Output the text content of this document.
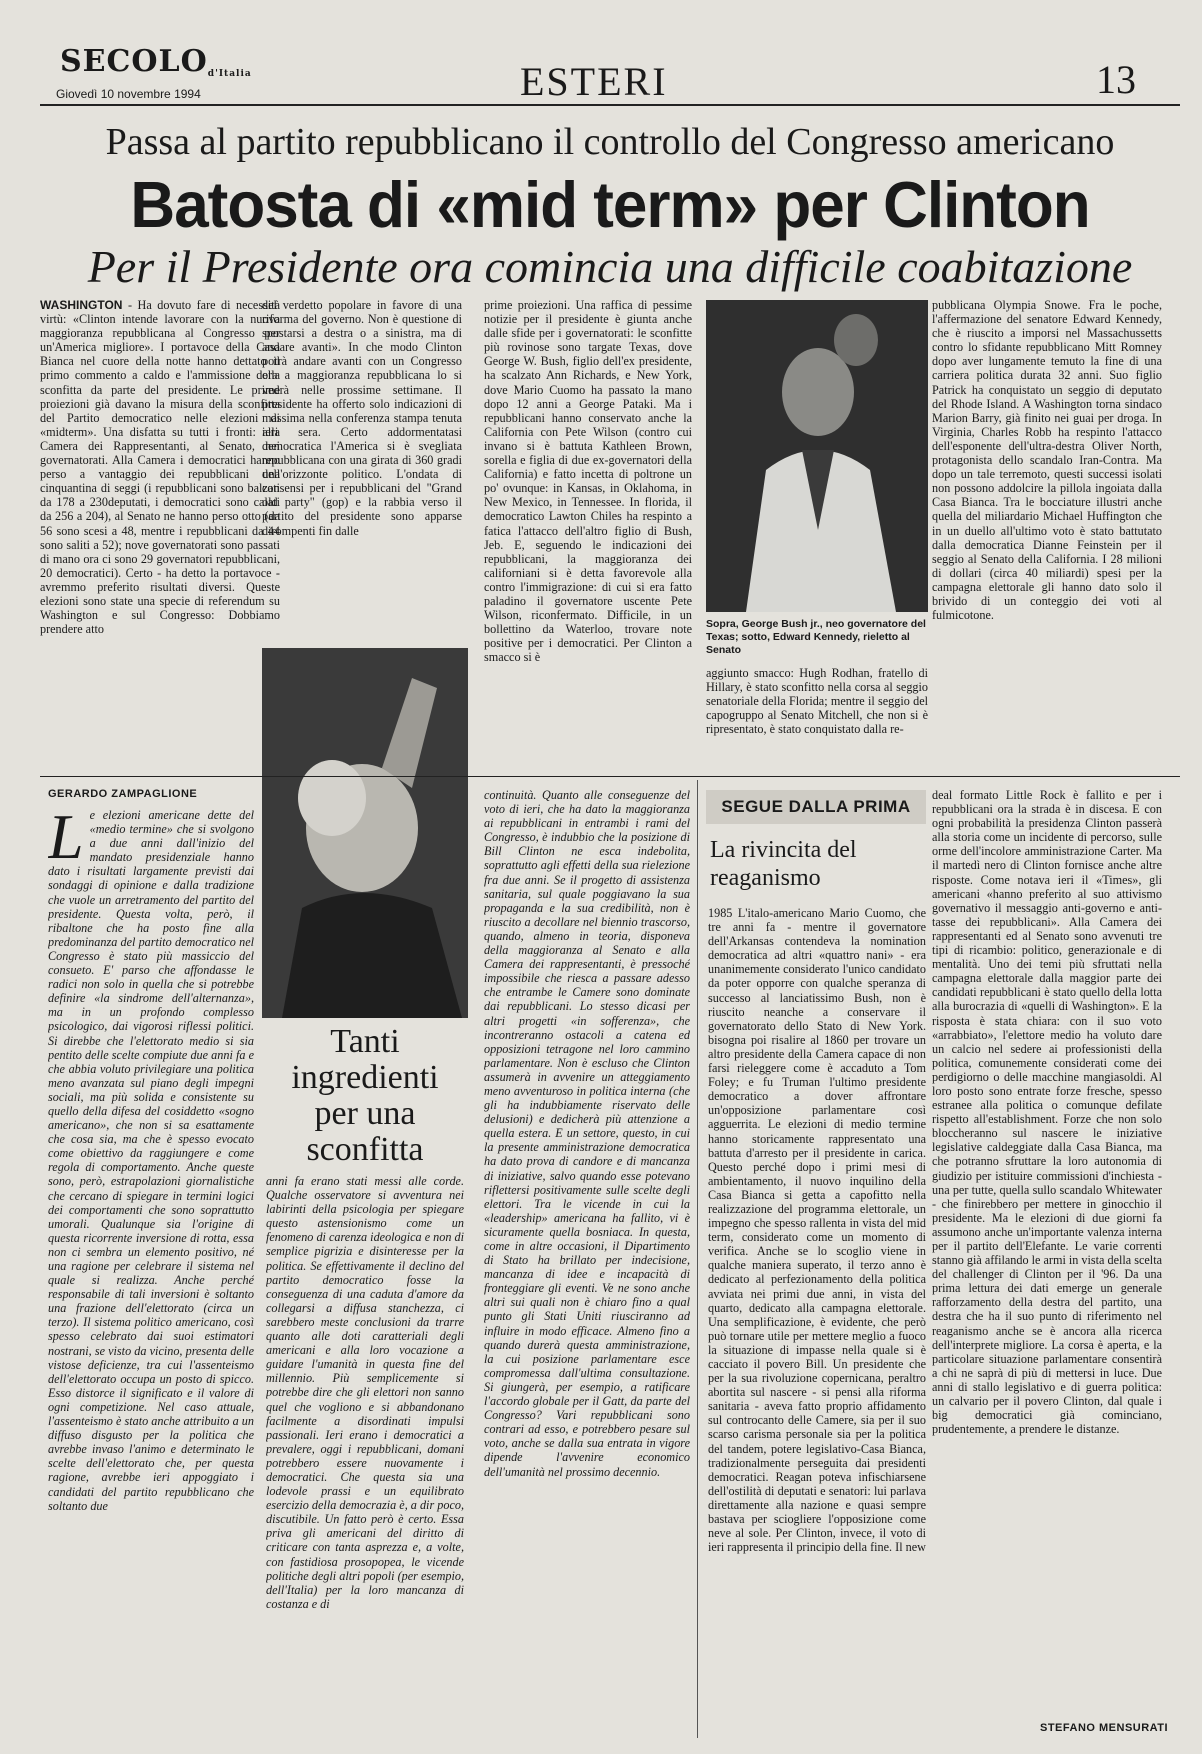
SECOLOd'Italia
Giovedì 10 novembre 1994	ESTERI	13
Passa al partito repubblicano il controllo del Congresso americano
Batosta di «mid term» per Clinton
Per il Presidente ora comincia una difficile coabitazione

WASHINGTON - Ha dovuto fare di necessità virtù: «Clinton intende lavorare con la nuova maggioranza repubblicana al Congresso per un'America migliore». I portavoce della Casa Bianca nel cuore della notte hanno dettato il primo commento a caldo e l'ammissione della sconfitta da parte del presidente. Le prime proiezioni già davano la misura della sconfitta del Partito democratico nelle elezioni di «midterm». Una disfatta su tutti i fronti: alla Camera dei Rappresentanti, al Senato, nei governatorati. Alla Camera i democratici hanno perso a vantaggio dei repubblicani una cinquantina di seggi (i repubblicani sono balzati da 178 a 230deputati, i democratici sono calati da 256 a 204), al Senato ne hanno perso otto (da 56 sono scesi a 48, mentre i repubblicani da 44 sono saliti a 52); nove governatorati sono passati di mano ora ci sono 29 governatori repubblicani, 20 democratici). Certo - ha detto la portavoce - avremmo preferito risultati diversi. Queste elezioni sono state una specie di referendum su Washington e sul Congresso: Dobbiamo prendere atto

del verdetto popolare in favore di una riforma del governo. Non è questione di spostarsi a destra o a sinistra, ma di andare avanti». In che modo Clinton potrà andare avanti con un Congresso ora a maggioranza repubblicana lo si vedrà nelle prossime settimane. Il presidente ha offerto solo indicazioni di massima nella conferenza stampa tenuta ieri sera. Certo addormentatasi democratica l'America si è svegliata repubblicana con una girata di 360 gradi dell'orizzonte politico. L'ondata di consensi per i repubblicani del "Grand old party" (gop) e la rabbia verso il partito del presidente sono apparse dirompenti fin dalle

prime proiezioni. Una raffica di pessime notizie per il presidente è giunta anche dalle sfide per i governatorati: le sconfitte più rovinose sono targate Texas, dove George W. Bush, figlio dell'ex presidente, ha scalzato Ann Richards, e New York, dove Mario Cuomo ha passato la mano dopo 12 anni a George Pataki. Ma i repubblicani hanno conservato anche la California con Pete Wilson (contro cui invano si è battuta Kathleen Brown, sorella e figlia di due ex-governatori della California) e fatto incetta di poltrone un po' ovunque: in Kansas, in Oklahoma, in New Mexico, in Tennessee. In florida, il democratico Lawton Chiles ha respinto a fatica l'attacco dell'altro figlio di Bush, Jeb. E, seguendo le indicazioni dei repubblicani, la maggioranza dei californiani si è detta favorevole alla contro l'immigrazione: di cui si era fatto paladino il governatore uscente Pete Wilson, riconfermato. Difficile, in un bollettino da Waterloo, trovare note positive per i democratici. Per Clinton a smacco si è

Sopra, George Bush jr., neo governatore del Texas; sotto, Edward Kennedy, rieletto al Senato

aggiunto smacco: Hugh Rodhan, fratello di Hillary, è stato sconfitto nella corsa al seggio senatoriale della Florida; mentre il seggio del capogruppo al Senato Mitchell, che non si è ripresentato, è stato conquistato dalla re-

pubblicana Olympia Snowe. Fra le poche, l'affermazione del senatore Edward Kennedy, che è riuscito a imporsi nel Massachussetts contro lo sfidante repubblicano Mitt Romney dopo aver lungamente temuto la fine di una carriera politica durata 32 anni. Suo figlio Patrick ha conquistato un seggio di deputato del Rhode Island. A Washington torna sindaco Marion Barry, già finito nei guai per droga. In Virginia, Charles Robb ha respinto l'attacco dell'esponente dell'ultra-destra Oliver North, protagonista dello scandalo Iran-Contra. Ma dopo un tale terremoto, questi successi isolati non possono addolcire la pillola ingoiata dalla Casa Bianca. Tra le bocciature illustri anche quella del miliardario Michael Huffington che in un duello all'ultimo voto è stato battutato dalla democratica Dianne Feinstein per il seggio al Senato della California. I 28 milioni di dollari (circa 40 miliardi) spesi per la campagna elettorale gli hanno dato solo il brivido di un conteggio dei voti al fulmicotone.

GERARDO ZAMPAGLIONE

Le elezioni americane dette del «medio termine» che si svolgono a due anni dall'inizio del mandato presidenziale hanno dato i risultati largamente previsti dai sondaggi di opinione e dalla tradizione che vuole un arretramento del partito del presidente. Questa volta, però, il ribaltone che ha posto fine alla predominanza del partito democratico nel Congresso è stato più massiccio del consueto. E' parso che affondasse le radici non solo in quella che si potrebbe definire «la sindrome dell'alternanza», ma in un profondo complesso psicologico, dai vigorosi riflessi politici. Si direbbe che l'elettorato medio si sia pentito delle scelte compiute due anni fa e che abbia voluto privilegiare una politica meno avanzata sul piano degli impegni sociali, ma più solida e consistente su quello della difesa del cosiddetto «sogno americano», che non si sa esattamente che cosa sia, ma che è spesso evocato come obiettivo da raggiungere e come regola di comportamento. Anche queste sono, però, estrapolazioni giornalistiche che cercano di spiegare in termini logici dei comportamenti che sono soprattutto umorali. Qualunque sia l'origine di questa ricorrente inversione di rotta, essa non ci sembra un elemento positivo, né una ragione per celebrare il sistema nel quale si realizza. Anche perché responsabile di tali inversioni è soltanto una frazione dell'elettorato (circa un terzo). Il sistema politico americano, così spesso celebrato dai suoi estimatori nostrani, se visto da vicino, presenta delle vistose deficienze, tra cui l'assenteismo dell'elettorato occupa un posto di spicco. Esso distorce il significato e il valore di ogni competizione. Nel caso attuale, l'assenteismo è stato anche attribuito a un diffuso disgusto per la politica che avrebbe invaso l'animo e determinato le scelte dell'elettorato che, per questa ragione, avrebbe ieri appoggiato i candidati del partito repubblicano che soltanto due

Tanti ingredienti per una sconfitta

anni fa erano stati messi alle corde. Qualche osservatore si avventura nei labirinti della psicologia per spiegare questo astensionismo come un fenomeno di carenza ideologica e non di semplice pigrizia e disinteresse per la politica. Se effettivamente il declino del partito democratico fosse la conseguenza di una caduta d'amore da collegarsi a diffusa stanchezza, ci sarebbero meste conclusioni da trarre quanto alle doti caratteriali degli americani e alla loro vocazione a guidare l'umanità in questa fine del millennio. Più semplicemente si potrebbe dire che gli elettori non sanno quel che vogliono e si abbandonano facilmente a disordinati impulsi passionali. Ieri erano i democratici a prevalere, oggi i repubblicani, domani potrebbero essere nuovamente i democratici. Che questa sia una lodevole prassi e un equilibrato esercizio della democrazia è, a dir poco, discutibile. Un fatto però è certo. Essa priva gli americani del diritto di criticare con tanta asprezza e, a volte, con fastidiosa prosopopea, le vicende politiche degli altri popoli (per esempio, dell'Italia) per la loro mancanza di costanza e di

continuità. Quanto alle conseguenze del voto di ieri, che ha dato la maggioranza ai repubblicani in entrambi i rami del Congresso, è indubbio che la posizione di Bill Clinton ne esca indebolita, soprattutto agli effetti della sua rielezione fra due anni. Se il progetto di assistenza sanitaria, sul quale poggiavano la sua propaganda e la sua credibilità, non è riuscito a decollare nel biennio trascorso, quando, almeno in teoria, disponeva della maggioranza al Senato e alla Camera dei rappresentanti, è pressoché impossibile che riesca a passare adesso che entrambe le Camere sono dominate dai repubblicani. Lo stesso dicasi per altri progetti «in sofferenza», che incontreranno ostacoli a catena ed opposizioni tetragone nel loro cammino parlamentare. Non è escluso che Clinton assumerà in avvenire un atteggiamento meno avventuroso in politica interna (che gli ha indubbiamente riservato delle delusioni) e dedicherà più attenzione a quella estera. E un settore, questo, in cui la presente amministrazione democratica ha dato prova di candore e di mancanza di iniziative, salvo quando esse potevano riflettersi positivamente sulle scelte degli elettori. Tra le vicende in cui la «leadership» americana ha fallito, vi è sicuramente quella bosniaca. In questa, come in altre occasioni, il Dipartimento di Stato ha brillato per indecisione, mancanza di idee e incapacità di fronteggiare gli eventi. Ve ne sono anche altri sui quali non è chiaro fino a qual punto gli Stati Uniti riusciranno ad influire in modo efficace. Almeno fino a quando durerà questa amministrazione, la cui posizione parlamentare esce compromessa dall'ultima consultazione. Si giungerà, per esempio, a ratificare l'accordo globale per il Gatt, da parte del Congresso? Vari repubblicani sono contrari ad esso, e potrebbero pesare sul voto, anche se dalla sua entrata in vigore dipende l'avvenire economico dell'umanità nel prossimo decennio.

SEGUE DALLA PRIMA
La rivincita del reaganismo

1985 L'italo-americano Mario Cuomo, che tre anni fa - mentre il governatore dell'Arkansas contendeva la nomination democratica ad altri «quattro nani» - era unanimemente considerato l'unico candidato da poter opporre con qualche speranza di successo al lanciatissimo Bush, non è riuscito neanche a conservare il governatorato dello Stato di New York. bisogna poi risalire al 1860 per trovare un altro presidente della Camera capace di non farsi rieleggere come è accaduto a Tom Foley; e fu Truman l'ultimo presidente democratico a dover affrontare un'opposizione parlamentare così agguerrita. Le elezioni di medio termine hanno storicamente rappresentato una battuta d'arresto per il presidente in carica. Questo perché dopo i primi mesi di ambientamento, il nuovo inquilino della Casa Bianca si getta a capofitto nella realizzazione del programma elettorale, un impegno che spesso rallenta in vista del mid term, considerato come un momento di verifica. Anche se lo scoglio viene in qualche maniera superato, il terzo anno è dedicato al perfezionamento della politica avviata nei primi due anni, in vista del quarto, dedicato alla campagna elettorale. Una semplificazione, è evidente, che però può tornare utile per mettere meglio a fuoco la situazione di impasse nella quale si è cacciato il povero Bill. Un presidente che per la sua rivoluzione copernicana, peraltro abortita sul nascere - si pensi alla riforma sanitaria - aveva fatto proprio affidamento sul controcanto delle Camere, sia per il suo scarso carisma personale sia per la politica del tandem, potere legislativo-Casa Bianca, tradizionalmente perseguita dai presidenti democratici. Reagan poteva infischiarsene dell'ostilità di deputati e senatori: lui parlava direttamente alla nazione e quasi sempre bastava per sciogliere l'opposizione come neve al sole. Per Clinton, invece, il voto di ieri rappresenta il principio della fine. Il new

deal formato Little Rock è fallito e per i repubblicani ora la strada è in discesa. E con ogni probabilità la presidenza Clinton passerà alla storia come un incidente di percorso, sulle orme dell'incolore amministrazione Carter. Ma il martedì nero di Clinton fornisce anche altre risposte. Come notava ieri il «Times», gli americani «hanno preferito al suo attivismo governativo il messaggio anti-governo e anti-tasse dei repubblicani». Alla Camera dei rappresentanti ed al Senato sono avvenuti tre tipi di ricambio: politico, generazionale e di mentalità. Uno dei temi più sfruttati nella campagna elettorale dalla maggior parte dei candidati repubblicani è stato quello della lotta alla burocrazia di «quelli di Washington». E la risposta è stata chiara: con il suo voto «arrabbiato», l'elettore medio ha voluto dare un calcio nel sedere ai professionisti della politica, comunemente considerati come dei perdigiorno o delle macchine mangiasoldi. Al loro posto sono entrate forze fresche, spesso estranee alla politica o comunque defilate rispetto all'establishment. Forze che non solo bloccheranno sul nascere le iniziative legislative caldeggiate dalla Casa Bianca, ma che potranno sfruttare la loro autonomia di giudizio per istituire commissioni d'inchiesta - una per tutte, quella sullo scandalo Whitewater - che finirebbero per mettere in ginocchio il presidente. Ma le elezioni di due giorni fa assumono anche un'importante valenza interna per il partito dell'Elefante. Le varie correnti stanno già affilando le armi in vista della scelta del challenger di Clinton per il '96. Da una prima lettura dei dati emerge un generale rafforzamento della destra del partito, una destra che ha il suo punto di riferimento nel reaganismo anche se è ancora alla ricerca dell'interprete migliore. La corsa è aperta, e la particolare situazione parlamentare consentirà a chi ne saprà di più di mettersi in luce. Due anni di stallo legislativo e di guerra politica: un calvario per il povero Clinton, dal quale i big democratici già cominciano, prudentemente, a prendere le distanze.

STEFANO MENSURATI
